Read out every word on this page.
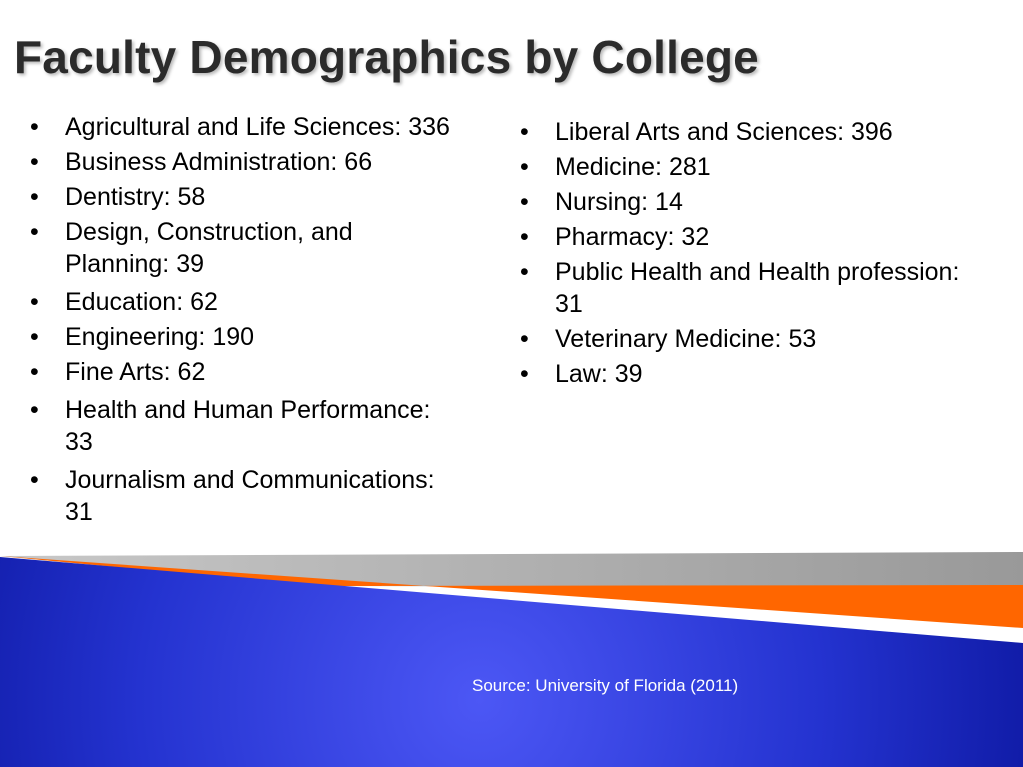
Faculty Demographics by College
• Agricultural and Life Sciences: 336
• Business Administration: 66
• Dentistry: 58
• Design, Construction, and Planning: 39
• Education: 62
• Engineering: 190
• Fine Arts: 62
• Health and Human Performance: 33
• Journalism and Communications: 31
• Liberal Arts and Sciences: 396
• Medicine: 281
• Nursing: 14
• Pharmacy: 32
• Public Health and Health profession: 31
• Veterinary Medicine: 53
• Law: 39

Source: University of Florida (2011)
